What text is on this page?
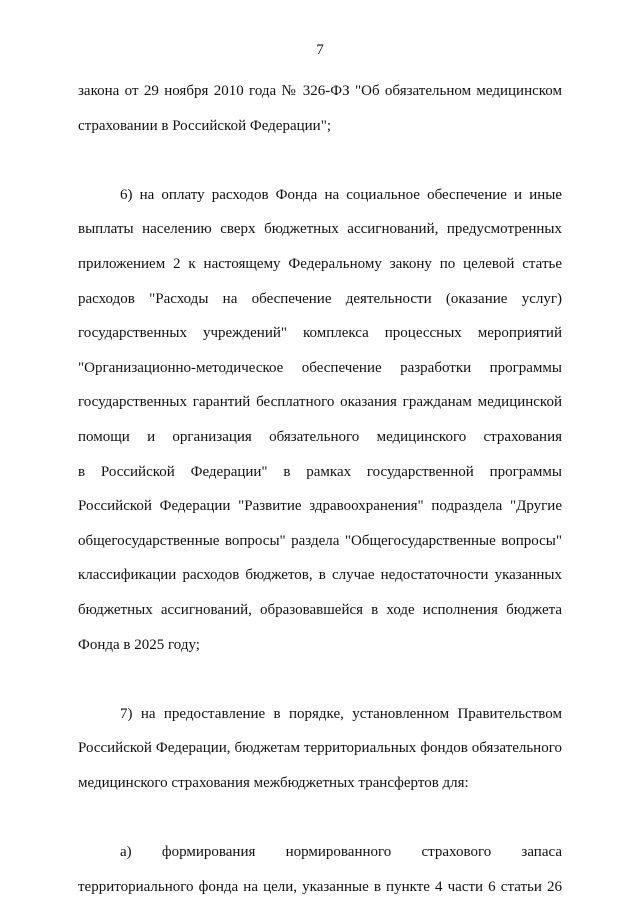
7
закона от 29 ноября 2010 года № 326-ФЗ "Об обязательном медицинском
страховании в Российской Федерации";
6) на оплату расходов Фонда на социальное обеспечение и иные
выплаты населению сверх бюджетных ассигнований, предусмотренных
приложением 2 к настоящему Федеральному закону по целевой статье
расходов "Расходы на обеспечение деятельности (оказание услуг)
государственных учреждений" комплекса процессных мероприятий
"Организационно-методическое обеспечение разработки программы
государственных гарантий бесплатного оказания гражданам медицинской
помощи и организация обязательного медицинского страхования
в Российской Федерации" в рамках государственной программы
Российской Федерации "Развитие здравоохранения" подраздела "Другие
общегосударственные вопросы" раздела "Общегосударственные вопросы"
классификации расходов бюджетов, в случае недостаточности указанных
бюджетных ассигнований, образовавшейся в ходе исполнения бюджета
Фонда в 2025 году;
7) на предоставление в порядке, установленном Правительством
Российской Федерации, бюджетам территориальных фондов обязательного
медицинского страхования межбюджетных трансфертов для:
а) формирования нормированного страхового запаса
территориального фонда на цели, указанные в пункте 4 части 6 статьи 26
